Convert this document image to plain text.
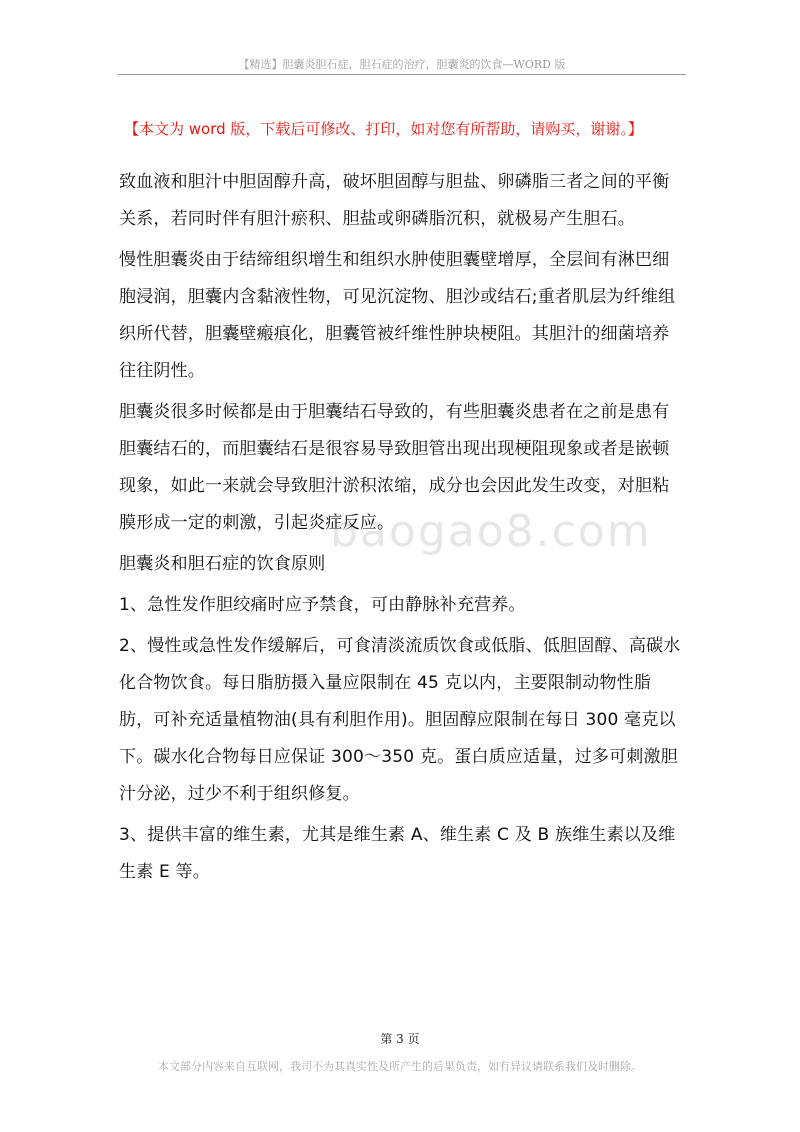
【精选】胆囊炎胆石症，胆石症的治疗，胆囊炎的饮食—WORD 版
【本文为 word 版，下载后可修改、打印，如对您有所帮助，请购买，谢谢。】
baogao8.com

致血液和胆汁中胆固醇升高，破坏胆固醇与胆盐、卵磷脂三者之间的平衡关系，若同时伴有胆汁瘀积、胆盐或卵磷脂沉积，就极易产生胆石。

慢性胆囊炎由于结缔组织增生和组织水肿使胆囊壁增厚，全层间有淋巴细胞浸润，胆囊内含黏液性物，可见沉淀物、胆沙或结石;重者肌层为纤维组织所代替，胆囊壁瘢痕化，胆囊管被纤维性肿块梗阻。其胆汁的细菌培养往往阴性。

胆囊炎很多时候都是由于胆囊结石导致的，有些胆囊炎患者在之前是患有胆囊结石的，而胆囊结石是很容易导致胆管出现出现梗阻现象或者是嵌顿现象，如此一来就会导致胆汁淤积浓缩，成分也会因此发生改变，对胆粘膜形成一定的刺激，引起炎症反应。

胆囊炎和胆石症的饮食原则

1、急性发作胆绞痛时应予禁食，可由静脉补充营养。

2、慢性或急性发作缓解后，可食清淡流质饮食或低脂、低胆固醇、高碳水化合物饮食。每日脂肪摄入量应限制在 45 克以内，主要限制动物性脂肪，可补充适量植物油(具有利胆作用)。胆固醇应限制在每日 300 毫克以下。碳水化合物每日应保证 300～350 克。蛋白质应适量，过多可刺激胆汁分泌，过少不利于组织修复。

3、提供丰富的维生素，尤其是维生素 A、维生素 C 及 B 族维生素以及维生素 E 等。

第 3 页
本文部分内容来自互联网，我司不为其真实性及所产生的后果负责，如有异议请联系我们及时删除。
